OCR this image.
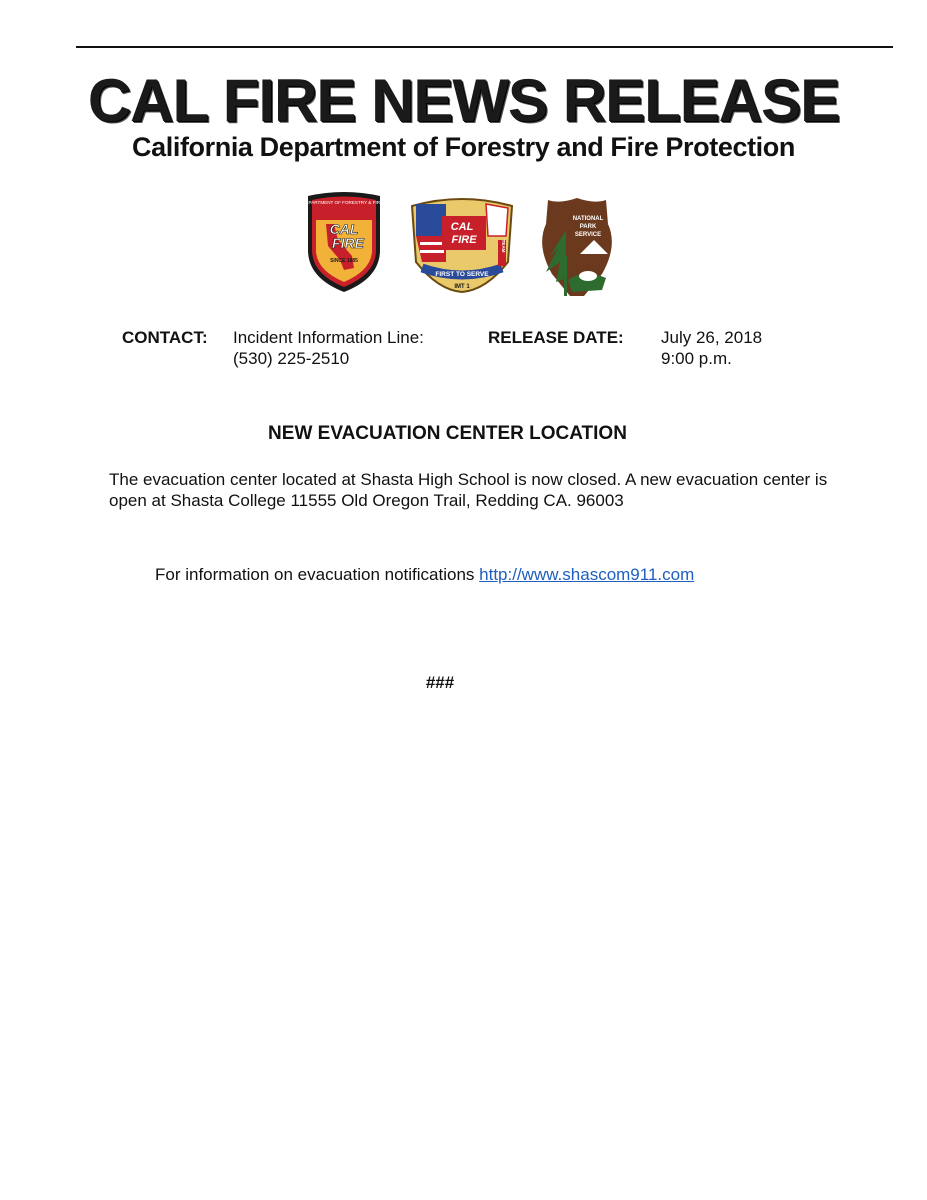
CAL FIRE NEWS RELEASE
California Department of Forestry and Fire Protection
CALIFORNIA DEPARTMENT OF FORESTRY & FIRE PROTECTION
CAL
FIRE
SINCE 1885
CAL
FIRE
FIRST TO SERVE
IMT 1
TEAM
NATIONAL
PARK
SERVICE
CONTACT: Incident Information Line:
(530) 225-2510
RELEASE DATE: July 26, 2018
9:00 p.m.
NEW EVACUATION CENTER LOCATION
The evacuation center located at Shasta High School is now closed. A new evacuation center is open at Shasta College 11555 Old Oregon Trail, Redding CA. 96003
For information on evacuation notifications http://www.shascom911.com
###
